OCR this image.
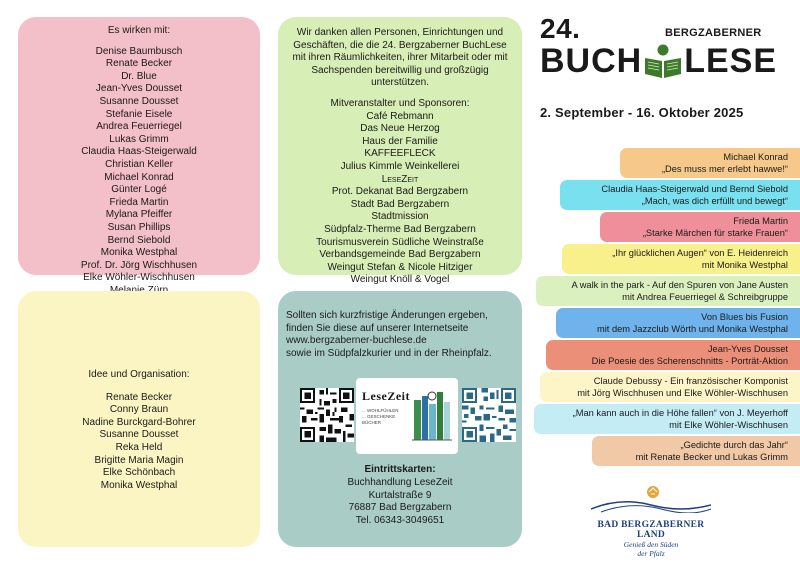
Es wirken mit:
Denise Baumbusch
Renate Becker
Dr. Blue
Jean-Yves Dousset
Susanne Dousset
Stefanie Eisele
Andrea Feuerriegel
Lukas Grimm
Claudia Haas-Steigerwald
Christian Keller
Michael Konrad
Günter Logé
Frieda Martin
Mylana Pfeiffer
Susan Phillips
Bernd Siebold
Monika Westphal
Prof. Dr. Jörg Wischhusen
Elke Wöhler-Wischhusen
Wir danken allen Personen, Einrichtungen und Geschäften, die die 24. Bergzaberner BuchLese mit ihren Räumlichkeiten, ihrer Mitarbeit oder mit Sachspenden bereitwillig und großzügig unterstützen.
Mitveranstalter und Sponsoren:
Café Rebmann
Das Neue Herzog
Haus der Familie
KAFFEEFLECK
Julius Kimmle Weinkellerei
LeseZeit
Prot. Dekanat Bad Bergzabern
Stadt Bad Bergzabern
Stadtmission
Südpfalz-Therme Bad Bergzabern
Tourismusverein Südliche Weinstraße
Verbandsgemeinde Bad Bergzabern
Weingut Stefan & Nicole Hitziger
Weingut Knöll & Vogel
Idee und Organisation:
Renate Becker
Conny Braun
Nadine Burckgard-Bohrer
Susanne Dousset
Reka Held
Brigitte Maria Magin
Elke Schönbach
Monika Westphal
Sollten sich kurzfristige Änderungen ergeben, finden Sie diese auf unserer Internetseite
www.bergzaberner-buchlese.de
sowie im Südpfalzkurier und in der Rheinpfalz.
LeseZeit
... WOHLFÜHLEN
... GESCHENKE
BÜCHER
Eintrittskarten:
Buchhandlung LeseZeit
Kurtalstraße 9
76887 Bad Bergzabern
Tel. 06343-3049651
24.	BERGZABERNER
BUCH LESE
2. September - 16. Oktober 2025
Michael Konrad
„Des muss mer erlebt hawwe!“
Claudia Haas-Steigerwald und Bernd Siebold
„Mach, was dich erfüllt und bewegt“
Frieda Martin
„Starke Märchen für starke Frauen“
„Ihr glücklichen Augen“ von E. Heidenreich
mit Monika Westphal
A walk in the park - Auf den Spuren von Jane Austen
mit Andrea Feuerriegel & Schreibgruppe
Von Blues bis Fusion
mit dem Jazzclub Wörth und Monika Westphal
Jean-Yves Dousset
Die Poesie des Scherenschnitts - Porträt-Aktion
Claude Debussy - Ein französischer Komponist
mit Jörg Wischhusen und Elke Wöhler-Wischhusen
„Man kann auch in die Höhe fallen“ von J. Meyerhoff
mit Elke Wöhler-Wischhusen
„Gedichte durch das Jahr“
mit Renate Becker und Lukas Grimm
BAD BERGZABERNER LAND
Genieß den Süden
der Pfalz
